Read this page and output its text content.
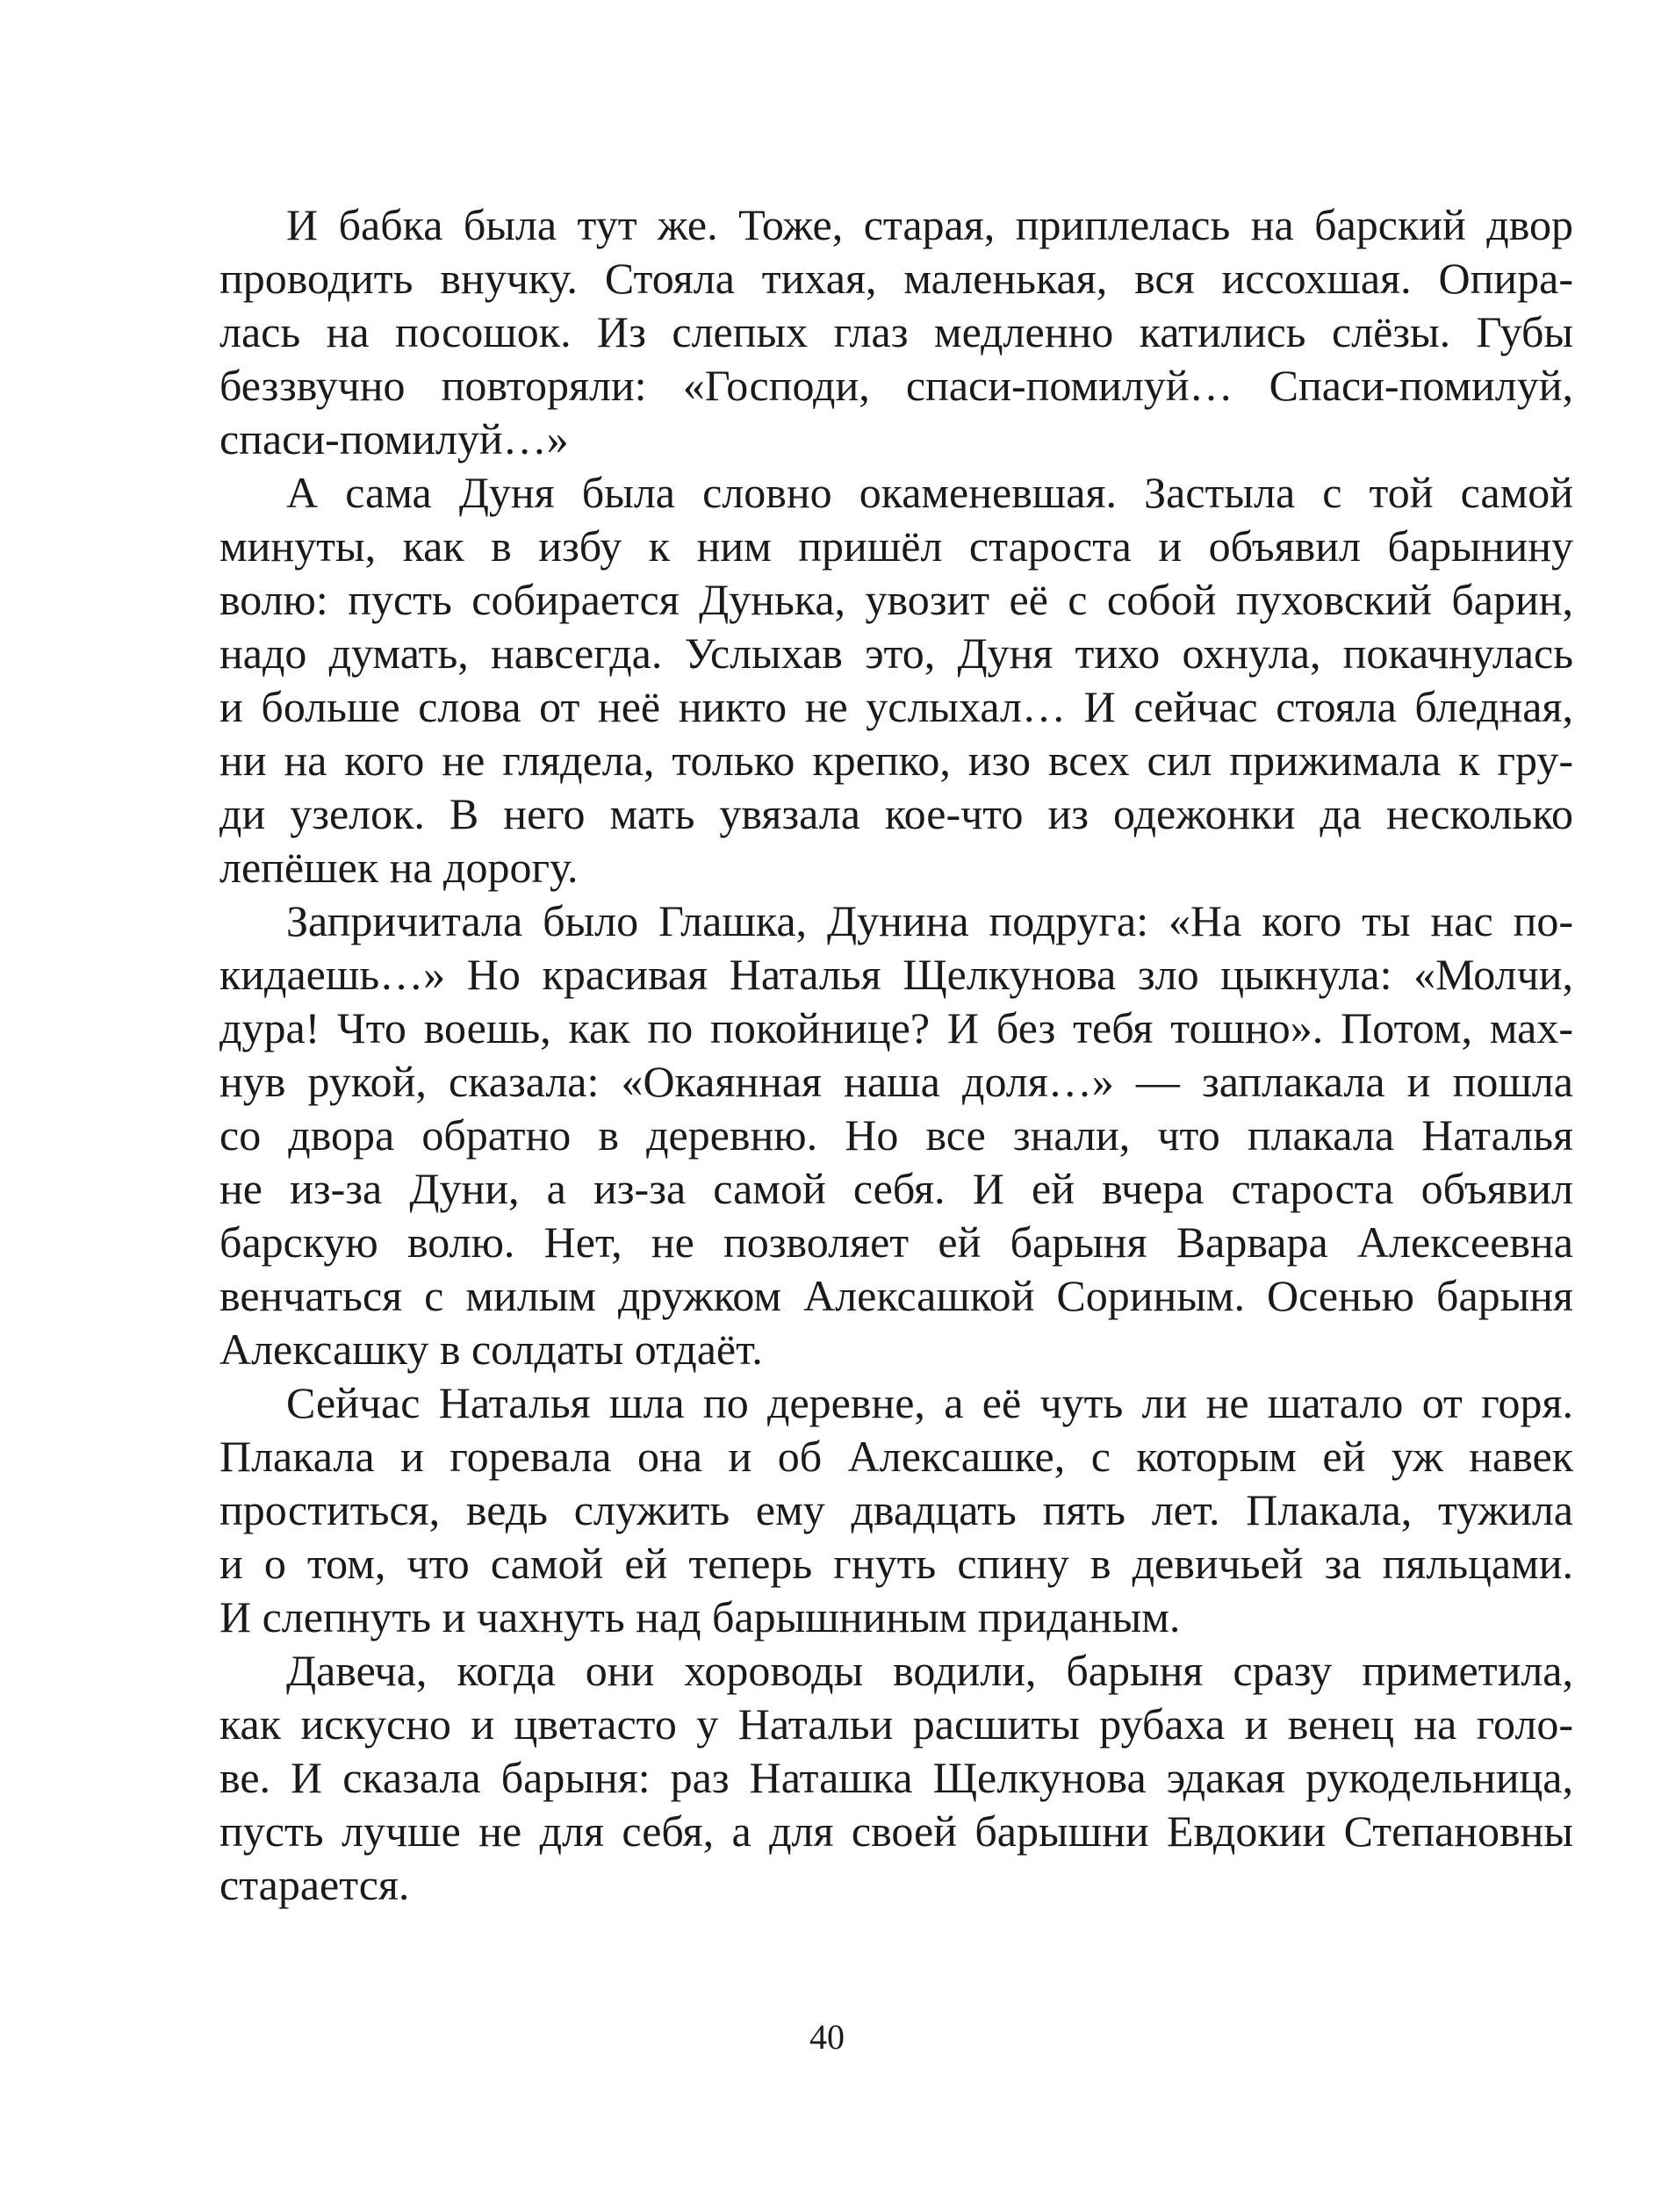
И бабка была тут же. Тоже, старая, приплелась на барский двор
проводить внучку. Стояла тихая, маленькая, вся иссохшая. Опира-
лась на посошок. Из слепых глаз медленно катились слёзы. Губы
беззвучно повторяли: «Господи, спаси-помилуй… Спаси-помилуй,
спаси-помилуй…»
А сама Дуня была словно окаменевшая. Застыла с той самой
минуты, как в избу к ним пришёл староста и объявил барынину
волю: пусть собирается Дунька, увозит её с собой пуховский барин,
надо думать, навсегда. Услыхав это, Дуня тихо охнула, покачнулась
и больше слова от неё никто не услыхал… И сейчас стояла бледная,
ни на кого не глядела, только крепко, изо всех сил прижимала к гру-
ди узелок. В него мать увязала кое-что из одежонки да несколько
лепёшек на дорогу.
Запричитала было Глашка, Дунина подруга: «На кого ты нас по-
кидаешь…» Но красивая Наталья Щелкунова зло цыкнула: «Молчи,
дура! Что воешь, как по покойнице? И без тебя тошно». Потом, мах-
нув рукой, сказала: «Окаянная наша доля…» — заплакала и пошла
со двора обратно в деревню. Но все знали, что плакала Наталья
не из-за Дуни, а из-за самой себя. И ей вчера староста объявил
барскую волю. Нет, не позволяет ей барыня Варвара Алексеевна
венчаться с милым дружком Алексашкой Сориным. Осенью барыня
Алексашку в солдаты отдаёт.
Сейчас Наталья шла по деревне, а её чуть ли не шатало от горя.
Плакала и горевала она и об Алексашке, с которым ей уж навек
проститься, ведь служить ему двадцать пять лет. Плакала, тужила
и о том, что самой ей теперь гнуть спину в девичьей за пяльцами.
И слепнуть и чахнуть над барышниным приданым.
Давеча, когда они хороводы водили, барыня сразу приметила,
как искусно и цветасто у Натальи расшиты рубаха и венец на голо-
ве. И сказала барыня: раз Наташка Щелкунова эдакая рукодельница,
пусть лучше не для себя, а для своей барышни Евдокии Степановны
старается.
40
